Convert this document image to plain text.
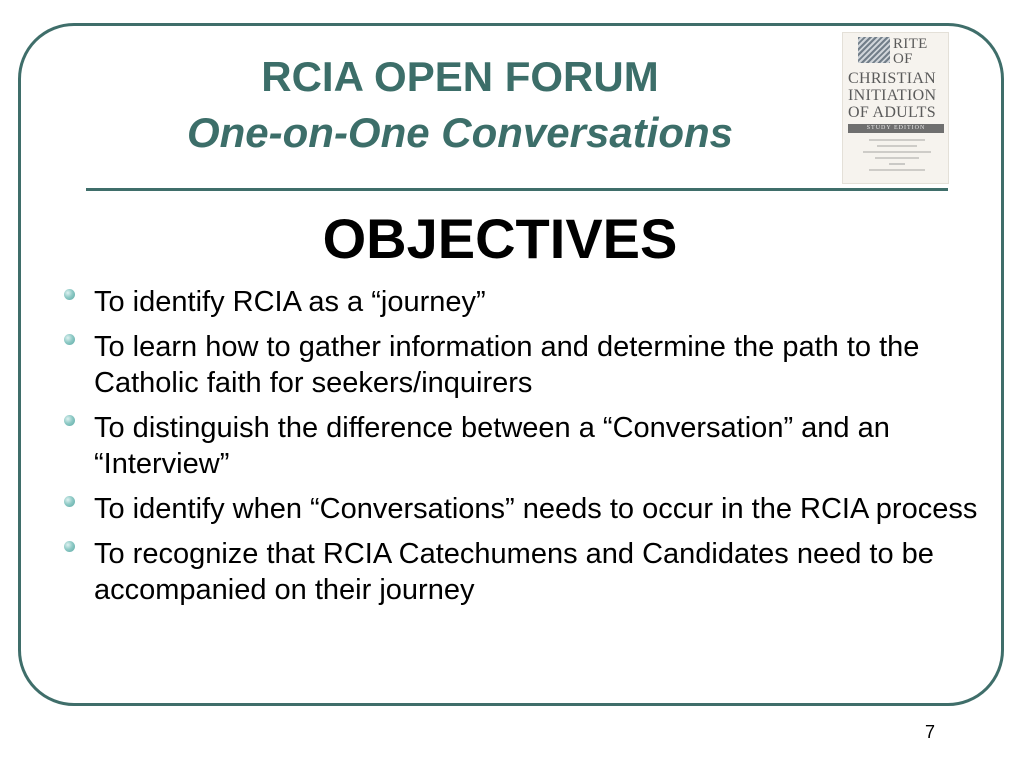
RCIA OPEN FORUM
One-on-One Conversations
RITE
OF
CHRISTIAN
INITIATION
OF ADULTS
STUDY EDITION
OBJECTIVES
To identify RCIA as a “journey”
To learn how to gather information and determine the path to the Catholic faith for seekers/inquirers
To distinguish the difference between a “Conversation” and an “Interview”
To identify when “Conversations” needs to occur in the RCIA process
To recognize that RCIA Catechumens and Candidates need to be accompanied on their journey
7
